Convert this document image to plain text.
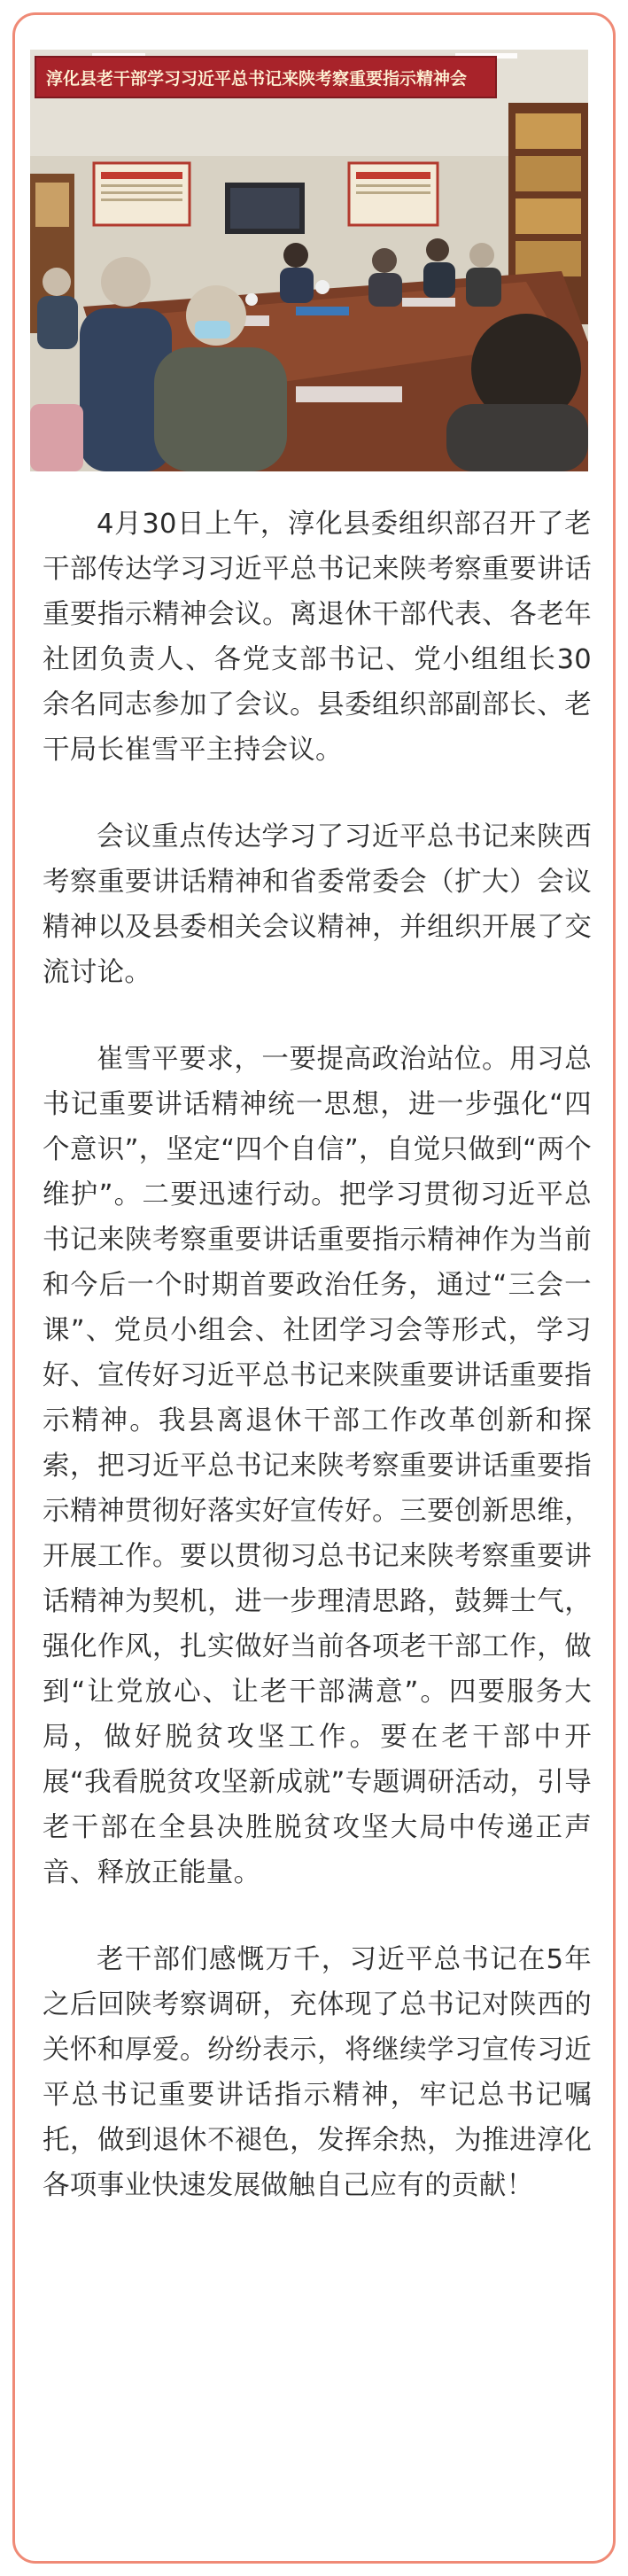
淳化县老干部学习习近平总书记来陕考察重要指示精神会

4月30日上午，淳化县委组织部召开了老干部传达学习习近平总书记来陕考察重要讲话重要指示精神会议。离退休干部代表、各老年社团负责人、各党支部书记、党小组组长30余名同志参加了会议。县委组织部副部长、老干局长崔雪平主持会议。

会议重点传达学习了习近平总书记来陕西考察重要讲话精神和省委常委会（扩大）会议精神以及县委相关会议精神，并组织开展了交流讨论。

崔雪平要求，一要提高政治站位。用习总书记重要讲话精神统一思想，进一步强化“四个意识”，坚定“四个自信”，自觉只做到“两个维护”。二要迅速行动。把学习贯彻习近平总书记来陕考察重要讲话重要指示精神作为当前和今后一个时期首要政治任务，通过“三会一课”、党员小组会、社团学习会等形式，学习好、宣传好习近平总书记来陕重要讲话重要指示精神。我县离退休干部工作改革创新和探索，把习近平总书记来陕考察重要讲话重要指示精神贯彻好落实好宣传好。三要创新思维，开展工作。要以贯彻习总书记来陕考察重要讲话精神为契机，进一步理清思路，鼓舞士气，强化作风，扎实做好当前各项老干部工作，做到“让党放心、让老干部满意”。四要服务大局，做好脱贫攻坚工作。要在老干部中开展“我看脱贫攻坚新成就”专题调研活动，引导老干部在全县决胜脱贫攻坚大局中传递正声音、释放正能量。

老干部们感慨万千，习近平总书记在5年之后回陕考察调研，充体现了总书记对陕西的关怀和厚爱。纷纷表示，将继续学习宣传习近平总书记重要讲话指示精神，牢记总书记嘱托，做到退休不褪色，发挥余热，为推进淳化各项事业快速发展做触自己应有的贡献！
